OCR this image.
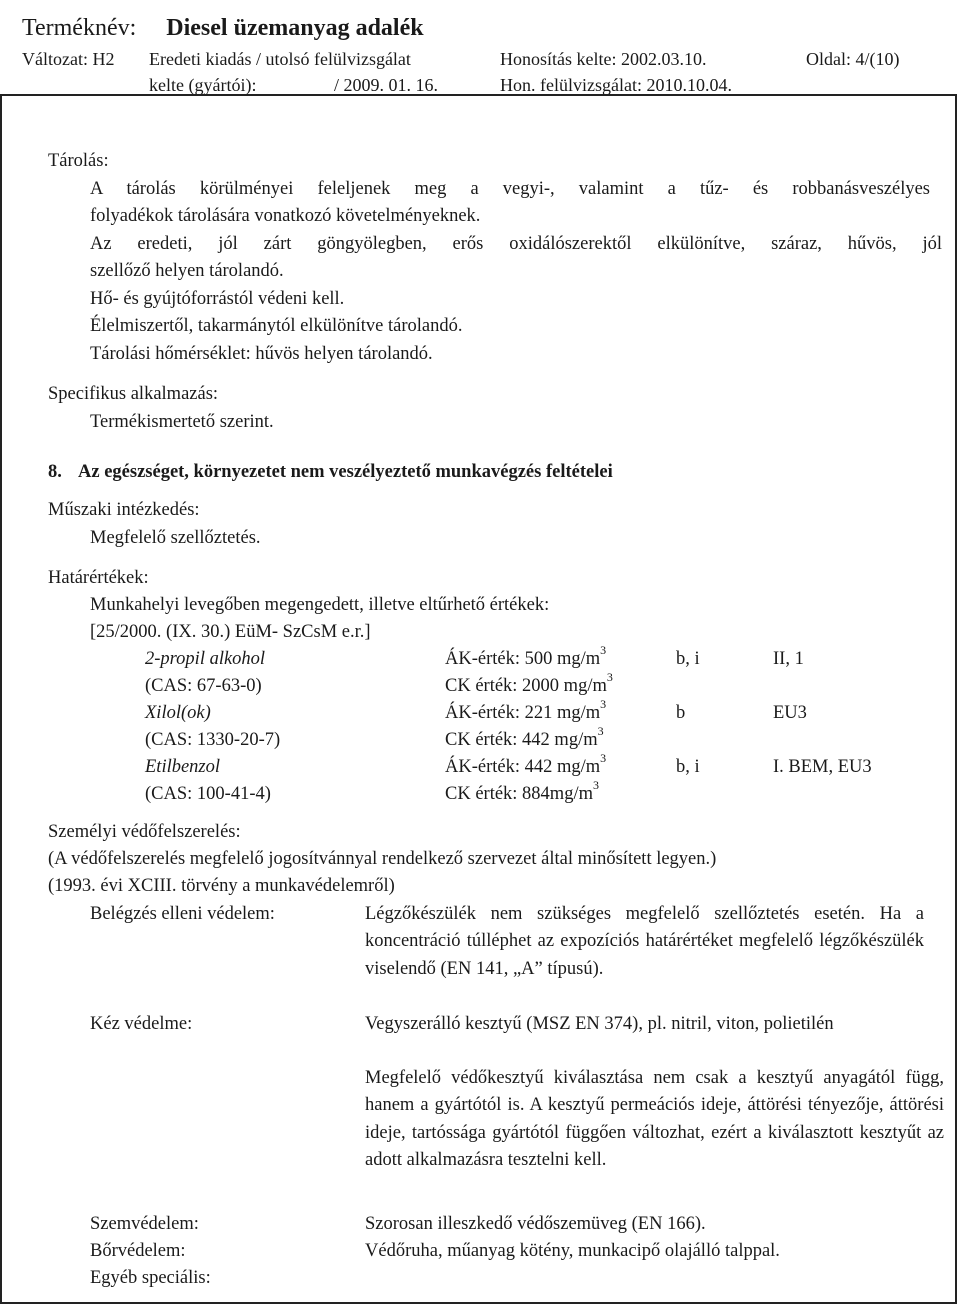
Terméknév: Diesel üzemanyag adalék
Változat: H2 Eredeti kiadás / utolsó felülvizsgálat	Honosítás kelte: 2002.03.10.	Oldal: 4/(10)
kelte (gyártói):	/ 2009. 01. 16.	Hon. felülvizsgálat: 2010.10.04.
Tárolás:
A tárolás körülményei feleljenek meg a vegyi-, valamint a tűz- és robbanásveszélyes
folyadékok tárolására vonatkozó követelményeknek.
Az eredeti, jól zárt göngyölegben, erős oxidálószerektől elkülönítve, száraz, hűvös, jól
szellőző helyen tárolandó.
Hő- és gyújtóforrástól védeni kell.
Élelmiszertől, takarmánytól elkülönítve tárolandó.
Tárolási hőmérséklet: hűvös helyen tárolandó.
Specifikus alkalmazás:
Termékismertető szerint.
8. Az egészséget, környezetet nem veszélyeztető munkavégzés feltételei
Műszaki intézkedés:
Megfelelő szellőztetés.
Határértékek:
Munkahelyi levegőben megengedett, illetve eltűrhető értékek:
[25/2000. (IX. 30.) EüM- SzCsM e.r.]
2-propil alkohol	ÁK-érték: 500 $mg/m^3$	b, i	II, 1
(CAS: 67-63-0)	CK érték: 2000 $mg/m^3$
Xilol(ok)	ÁK-érték: 221 $mg/m^3$	b	EU3
(CAS: 1330-20-7)	CK érték: 442 $mg/m^3$
Etilbenzol	ÁK-érték: 442 $mg/m^3$	b, i	I. BEM, EU3
(CAS: 100-41-4)	CK érték: $884mg/m^3$
Személyi védőfelszerelés:
(A védőfelszerelés megfelelő jogosítvánnyal rendelkező szervezet által minősített legyen.)
(1993. évi XCIII. törvény a munkavédelemről)
Belégzés elleni védelem:	Légzőkészülék nem szükséges megfelelő szellőztetés esetén. Ha a koncentráció túlléphet az expozíciós határértéket megfelelő légzőkészülék viselendő (EN 141, „A” típusú).
Kéz védelme:	Vegyszerálló kesztyű (MSZ EN 374), pl. nitril, viton, polietilén
Megfelelő védőkesztyű kiválasztása nem csak a kesztyű anyagától függ, hanem a gyártótól is. A kesztyű permeációs ideje, áttörési tényezője, áttörési ideje, tartóssága gyártótól függően változhat, ezért a kiválasztott kesztyűt az adott alkalmazásra tesztelni kell.
Szemvédelem:	Szorosan illeszkedő védőszemüveg (EN 166).
Bőrvédelem:	Védőruha, műanyag kötény, munkacipő olajálló talppal.
Egyéb speciális:
